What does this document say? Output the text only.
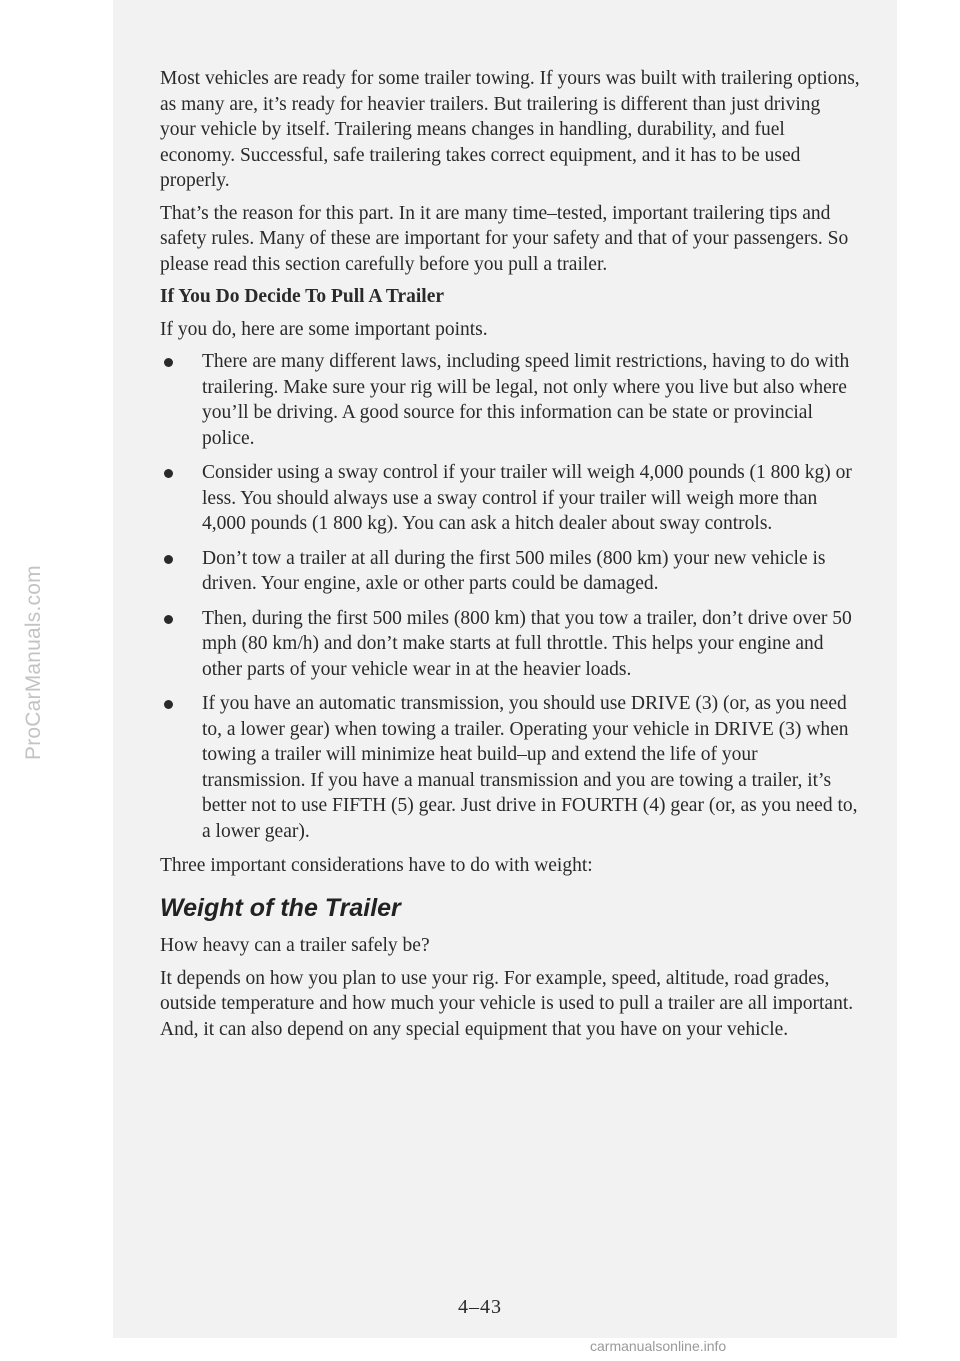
ProCarManuals.com

Most vehicles are ready for some trailer towing. If yours was built with trailering options, as many are, it’s ready for heavier trailers. But trailering is different than just driving your vehicle by itself. Trailering means changes in handling, durability, and fuel economy. Successful, safe trailering takes correct equipment, and it has to be used properly.

That’s the reason for this part. In it are many time–tested, important trailering tips and safety rules. Many of these are important for your safety and that of your passengers. So please read this section carefully before you pull a trailer.

If You Do Decide To Pull A Trailer

If you do, here are some important points.

There are many different laws, including speed limit restrictions, having to do with trailering. Make sure your rig will be legal, not only where you live but also where you’ll be driving. A good source for this information can be state or provincial police.
Consider using a sway control if your trailer will weigh 4,000 pounds (1 800 kg) or less. You should always use a sway control if your trailer will weigh more than 4,000 pounds (1 800 kg). You can ask a hitch dealer about sway controls.
Don’t tow a trailer at all during the first 500 miles (800 km) your new vehicle is driven. Your engine, axle or other parts could be damaged.
Then, during the first 500 miles (800 km) that you tow a trailer, don’t drive over 50 mph (80 km/h) and don’t make starts at full throttle. This helps your engine and other parts of your vehicle wear in at the heavier loads.
If you have an automatic transmission, you should use DRIVE (3) (or, as you need to, a lower gear) when towing a trailer. Operating your vehicle in DRIVE (3) when towing a trailer will minimize heat build–up and extend the life of your transmission. If you have a manual transmission and you are towing a trailer, it’s better not to use FIFTH (5) gear. Just drive in FOURTH (4) gear (or, as you need to, a lower gear).

Three important considerations have to do with weight:

Weight of the Trailer

How heavy can a trailer safely be?

It depends on how you plan to use your rig. For example, speed, altitude, road grades, outside temperature and how much your vehicle is used to pull a trailer are all important. And, it can also depend on any special equipment that you have on your vehicle.

4–43
carmanualsonline.info
